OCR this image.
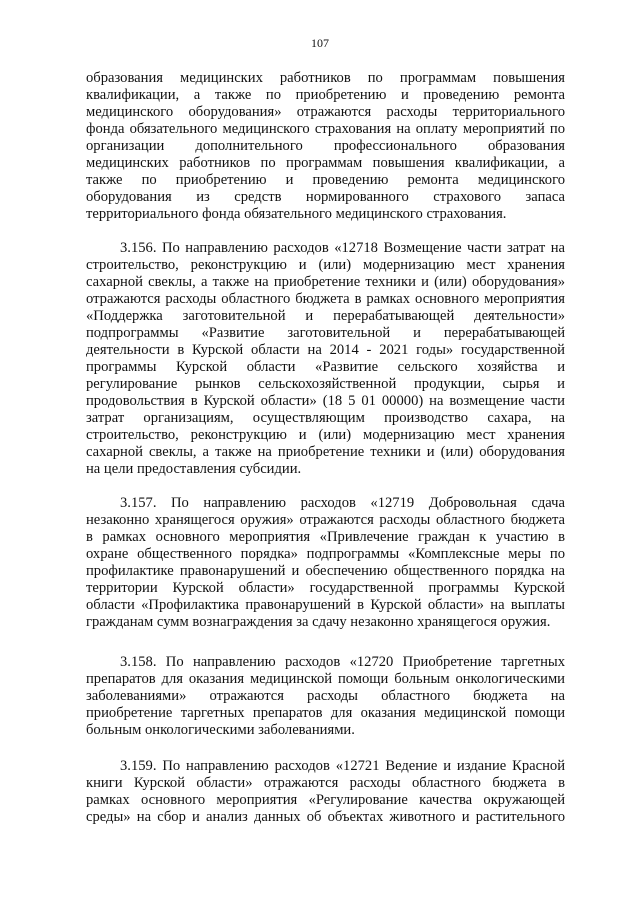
107
образования медицинских работников по программам повышения
квалификации, а также по приобретению и проведению ремонта
медицинского оборудования» отражаются расходы территориального
фонда обязательного медицинского страхования на оплату мероприятий по
организации дополнительного профессионального образования
медицинских работников по программам повышения квалификации, а
также по приобретению и проведению ремонта медицинского
оборудования из средств нормированного страхового запаса
территориального фонда обязательного медицинского страхования.
3.156. По направлению расходов «12718 Возмещение части затрат на
строительство, реконструкцию и (или) модернизацию мест хранения
сахарной свеклы, а также на приобретение техники и (или) оборудования»
отражаются расходы областного бюджета в рамках основного мероприятия
«Поддержка заготовительной и перерабатывающей деятельности»
подпрограммы «Развитие заготовительной и перерабатывающей
деятельности в Курской области на 2014 - 2021 годы» государственной
программы Курской области «Развитие сельского хозяйства и
регулирование рынков сельскохозяйственной продукции, сырья и
продовольствия в Курской области» (18 5 01 00000) на возмещение части
затрат организациям, осуществляющим производство сахара, на
строительство, реконструкцию и (или) модернизацию мест хранения
сахарной свеклы, а также на приобретение техники и (или) оборудования
на цели предоставления субсидии.
3.157. По направлению расходов «12719 Добровольная сдача
незаконно хранящегося оружия» отражаются расходы областного бюджета
в рамках основного мероприятия «Привлечение граждан к участию в
охране общественного порядка» подпрограммы «Комплексные меры по
профилактике правонарушений и обеспечению общественного порядка на
территории Курской области» государственной программы Курской
области «Профилактика правонарушений в Курской области» на выплаты
гражданам сумм вознаграждения за сдачу незаконно хранящегося оружия.
3.158. По направлению расходов «12720 Приобретение таргетных
препаратов для оказания медицинской помощи больным онкологическими
заболеваниями» отражаются расходы областного бюджета на
приобретение таргетных препаратов для оказания медицинской помощи
больным онкологическими заболеваниями.
3.159. По направлению расходов «12721 Ведение и издание Красной
книги Курской области» отражаются расходы областного бюджета в
рамках основного мероприятия «Регулирование качества окружающей
среды» на сбор и анализ данных об объектах животного и растительного
